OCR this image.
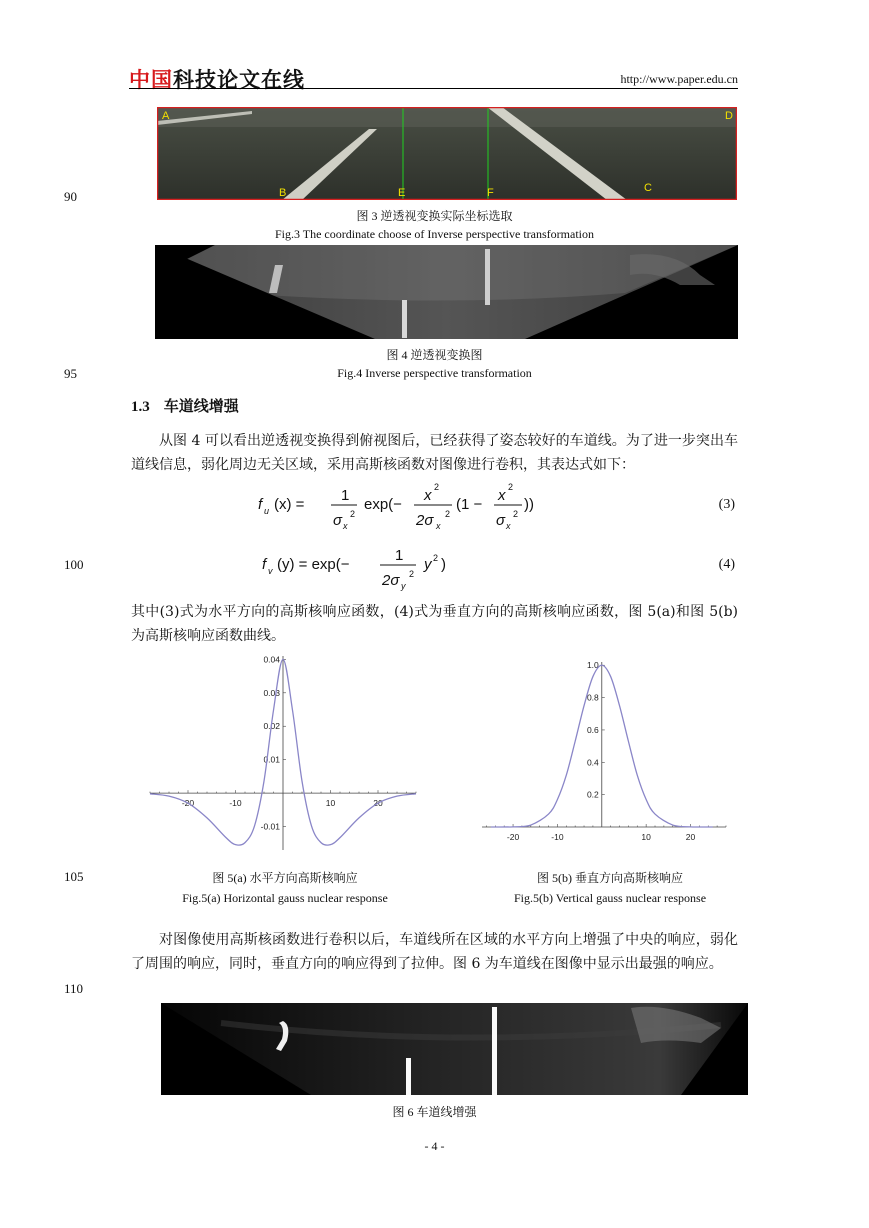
中国科技论文在线	http://www.paper.edu.cn
90
95
100
105
110
A
B	E	F	C
D
图 3 逆透视变换实际坐标选取
Fig.3 The coordinate choose of Inverse perspective transformation
图 4 逆透视变换图
Fig.4 Inverse perspective transformation
1.3 车道线增强
从图 4 可以看出逆透视变换得到俯视图后，已经获得了姿态较好的车道线。为了进一步突出车道线信息，弱化周边无关区域，采用高斯核函数对图像进行卷积，其表达式如下：
f u (x) =
1
σ x
2
exp(−
x 2
2σ x
2
(1 −
x 2
σ x
2
))	(3)
f v (y) = exp(−
1
2σ y
2
y 2 )	(4)
其中(3)式为水平方向的高斯核响应函数，(4)式为垂直方向的高斯核响应函数，图 5(a)和图 5(b)为高斯核响应函数曲线。
-20	-10	10	20
0.04
0.03
0.02
0.01
-0.01
-20	-10	10	20
1.0
0.8
0.6
0.4
0.2
图 5(a) 水平方向高斯核响应
Fig.5(a) Horizontal gauss nuclear response
图 5(b) 垂直方向高斯核响应
Fig.5(b) Vertical gauss nuclear response
对图像使用高斯核函数进行卷积以后，车道线所在区域的水平方向上增强了中央的响应，弱化了周围的响应，同时，垂直方向的响应得到了拉伸。图 6 为车道线在图像中显示出最强的响应。
图 6 车道线增强
- 4 -
